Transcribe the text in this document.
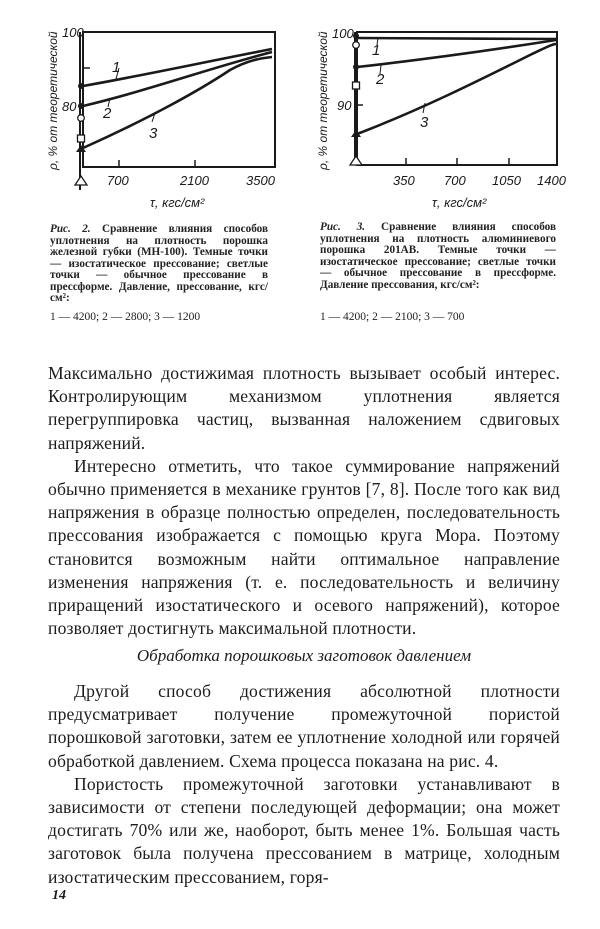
100
80
700	2100	3500
1
2
3
τ, кгс/см²
ρ, % от теоретической	100
90
350 700 1050 1400
1
2
3
τ, кгс/см²
ρ, % от теоретической
Рис. 2. Сравнение влияния способов уплотнения на плотность порошка железной губки (МН-100). Темные точки — изостатическое прессование; светлые точки — обычное прессование в прессформе. Давление, прессование, кгс/см²:
1 — 4200; 2 — 2800; 3 — 1200
Рис. 3. Сравнение влияния способов уплотнения на плотность алюминиевого порошка 201АВ. Темные точки — изостатическое прессование; светлые точки — обычное прессование в прессформе. Давление прессования, кгс/см²:
1 — 4200; 2 — 2100; 3 — 700

Максимально достижимая плотность вызывает особый интерес. Контролирующим механизмом уплотнения является перегруппировка частиц, вызванная наложением сдвиговых напряжений.

Интересно отметить, что такое суммирование напряжений обычно применяется в механике грунтов [7, 8]. После того как вид напряжения в образце полностью определен, последовательность прессования изображается с помощью круга Мора. Поэтому становится возможным найти оптимальное направление изменения напряжения (т. е. последовательность и величину приращений изостатического и осевого напряжений), которое позволяет достигнуть максимальной плотности.

Обработка порошковых заготовок давлением

Другой способ достижения абсолютной плотности предусматривает получение промежуточной пористой порошковой заготовки, затем ее уплотнение холодной или горячей обработкой давлением. Схема процесса показана на рис. 4.

Пористость промежуточной заготовки устанавливают в зависимости от степени последующей деформации; она может достигать 70% или же, наоборот, быть менее 1%. Большая часть заготовок была получена прессованием в матрице, холодным изостатическим прессованием, горя-

14
